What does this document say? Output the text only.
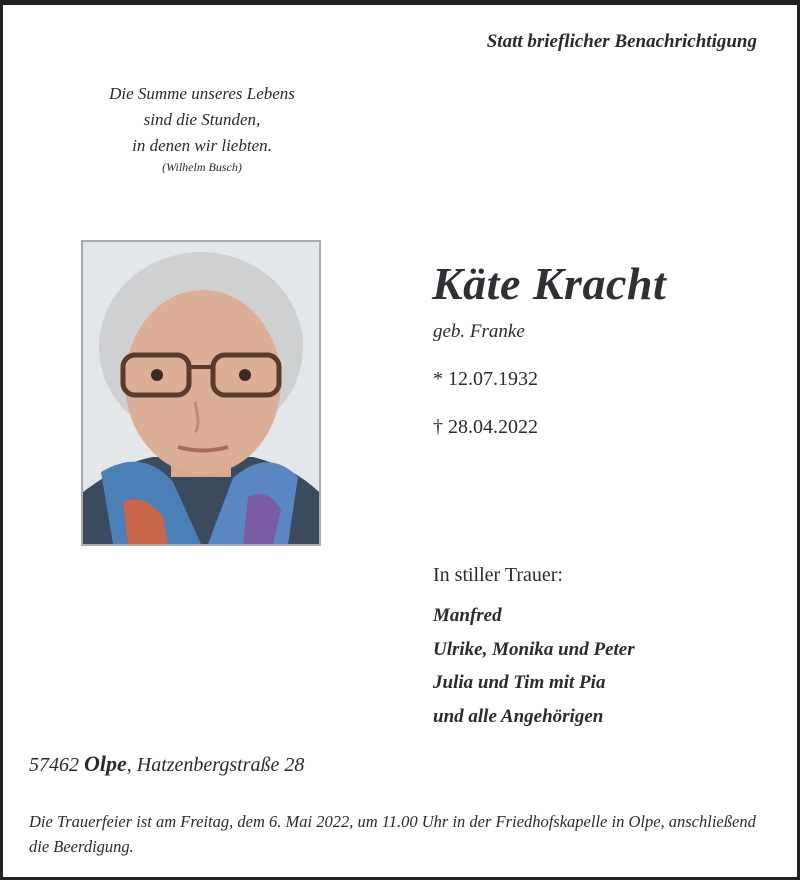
Statt brieflicher Benachrichtigung
Die Summe unseres Lebens
sind die Stunden,
in denen wir liebten.
(Wilhelm Busch)
Käte Kracht
geb. Franke
* 12.07.1932
† 28.04.2022
In stiller Trauer:
Manfred
Ulrike, Monika und Peter
Julia und Tim mit Pia
und alle Angehörigen
57462 Olpe, Hatzenbergstraße 28
Die Trauerfeier ist am Freitag, dem 6. Mai 2022, um 11.00 Uhr in der Friedhofskapelle in Olpe, anschließend die Beerdigung.
